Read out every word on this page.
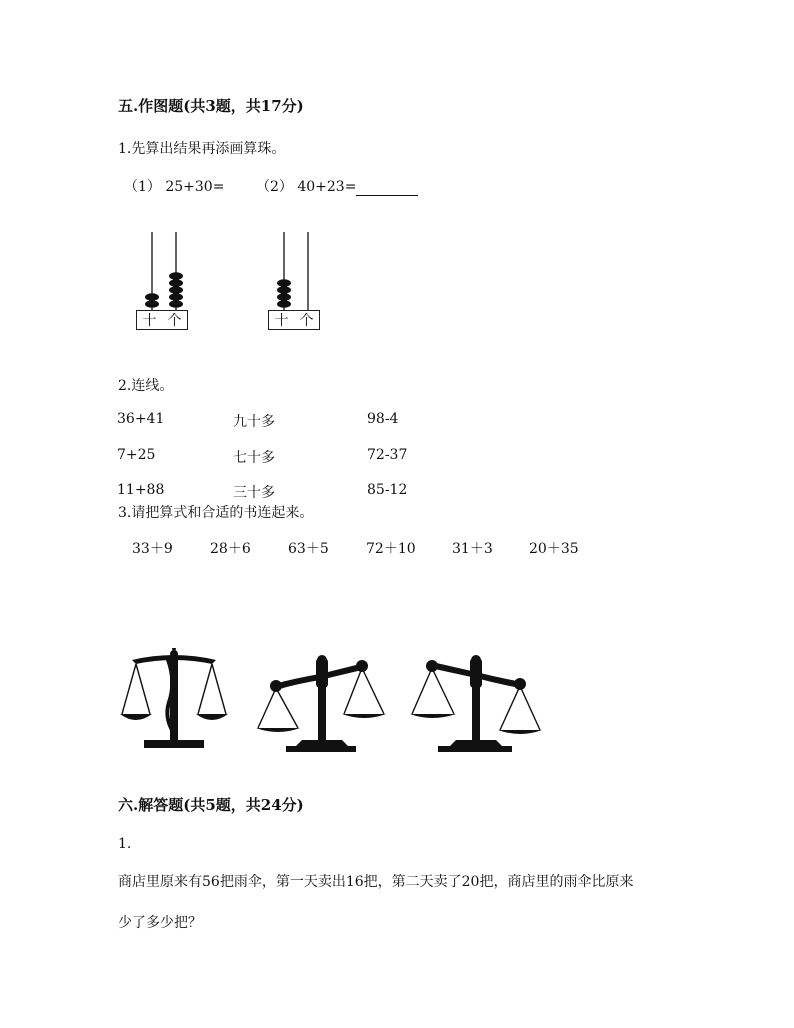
五.作图题(共3题，共17分)
1.先算出结果再添画算珠。
（1） 25+30= （2） 40+23=
十 个	十 个
2.连线。
36+41	九十多	98-4
7+25	七十多	72-37
11+88	三十多	85-12
3.请把算式和合适的书连起来。
33＋9	28＋6	63＋5	72＋10	31＋3	20＋35
六.解答题(共5题，共24分)
1.
商店里原来有56把雨伞，第一天卖出16把，第二天卖了20把，商店里的雨伞比原来
少了多少把？
